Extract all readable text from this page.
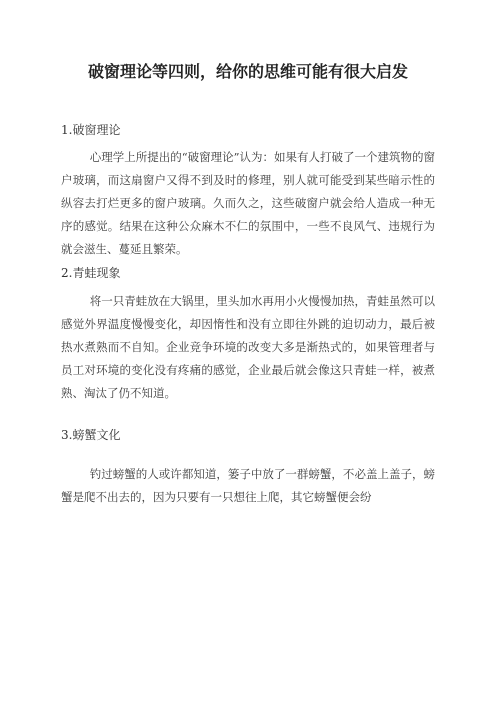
破窗理论等四则，给你的思维可能有很大启发
1.破窗理论

心理学上所提出的“破窗理论”认为：如果有人打破了一个建筑物的窗户玻璃，而这扇窗户又得不到及时的修理，别人就可能受到某些暗示性的纵容去打烂更多的窗户玻璃。久而久之，这些破窗户就会给人造成一种无序的感觉。结果在这种公众麻木不仁的氛围中，一些不良风气、违规行为就会滋生、蔓延且繁荣。

2.青蛙现象

将一只青蛙放在大锅里，里头加水再用小火慢慢加热，青蛙虽然可以感觉外界温度慢慢变化，却因惰性和没有立即往外跳的迫切动力，最后被热水煮熟而不自知。企业竞争环境的改变大多是渐热式的，如果管理者与员工对环境的变化没有疼痛的感觉，企业最后就会像这只青蛙一样，被煮熟、淘汰了仍不知道。

3.螃蟹文化

钓过螃蟹的人或许都知道，篓子中放了一群螃蟹，不必盖上盖子，螃蟹是爬不出去的，因为只要有一只想往上爬，其它螃蟹便会纷
